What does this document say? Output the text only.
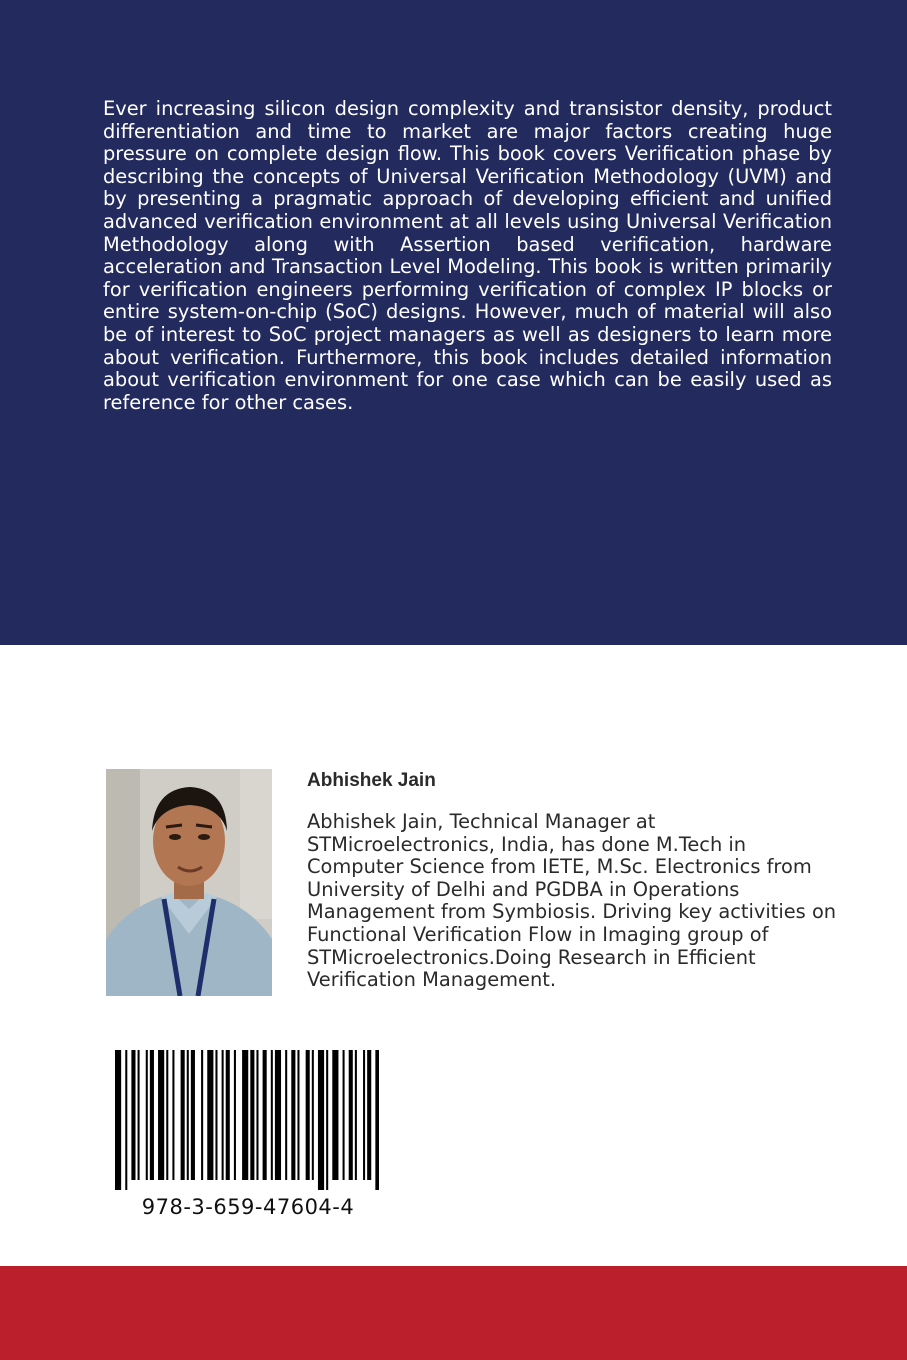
Ever increasing silicon design complexity and transistor density, product differentiation and time to market are major factors creating huge pressure on complete design flow. This book covers Verification phase by describing the concepts of Universal Verification Methodology (UVM) and by presenting a pragmatic approach of developing efficient and unified advanced verification environment at all levels using Universal Verification Methodology along with Assertion based verification, hardware acceleration and Transaction Level Modeling. This book is written primarily for verification engineers performing verification of complex IP blocks or entire system-on-chip (SoC) designs. However, much of material will also be of interest to SoC project managers as well as designers to learn more about verification. Furthermore, this book includes detailed information about verification environment for one case which can be easily used as reference for other cases.

Abhishek Jain

Abhishek Jain, Technical Manager at STMicroelectronics, India, has done M.Tech in Computer Science from IETE, M.Sc. Electronics from University of Delhi and PGDBA in Operations Management from Symbiosis. Driving key activities on Functional Verification Flow in Imaging group of STMicroelectronics.Doing Research in Efficient Verification Management.

978-3-659-47604-4
